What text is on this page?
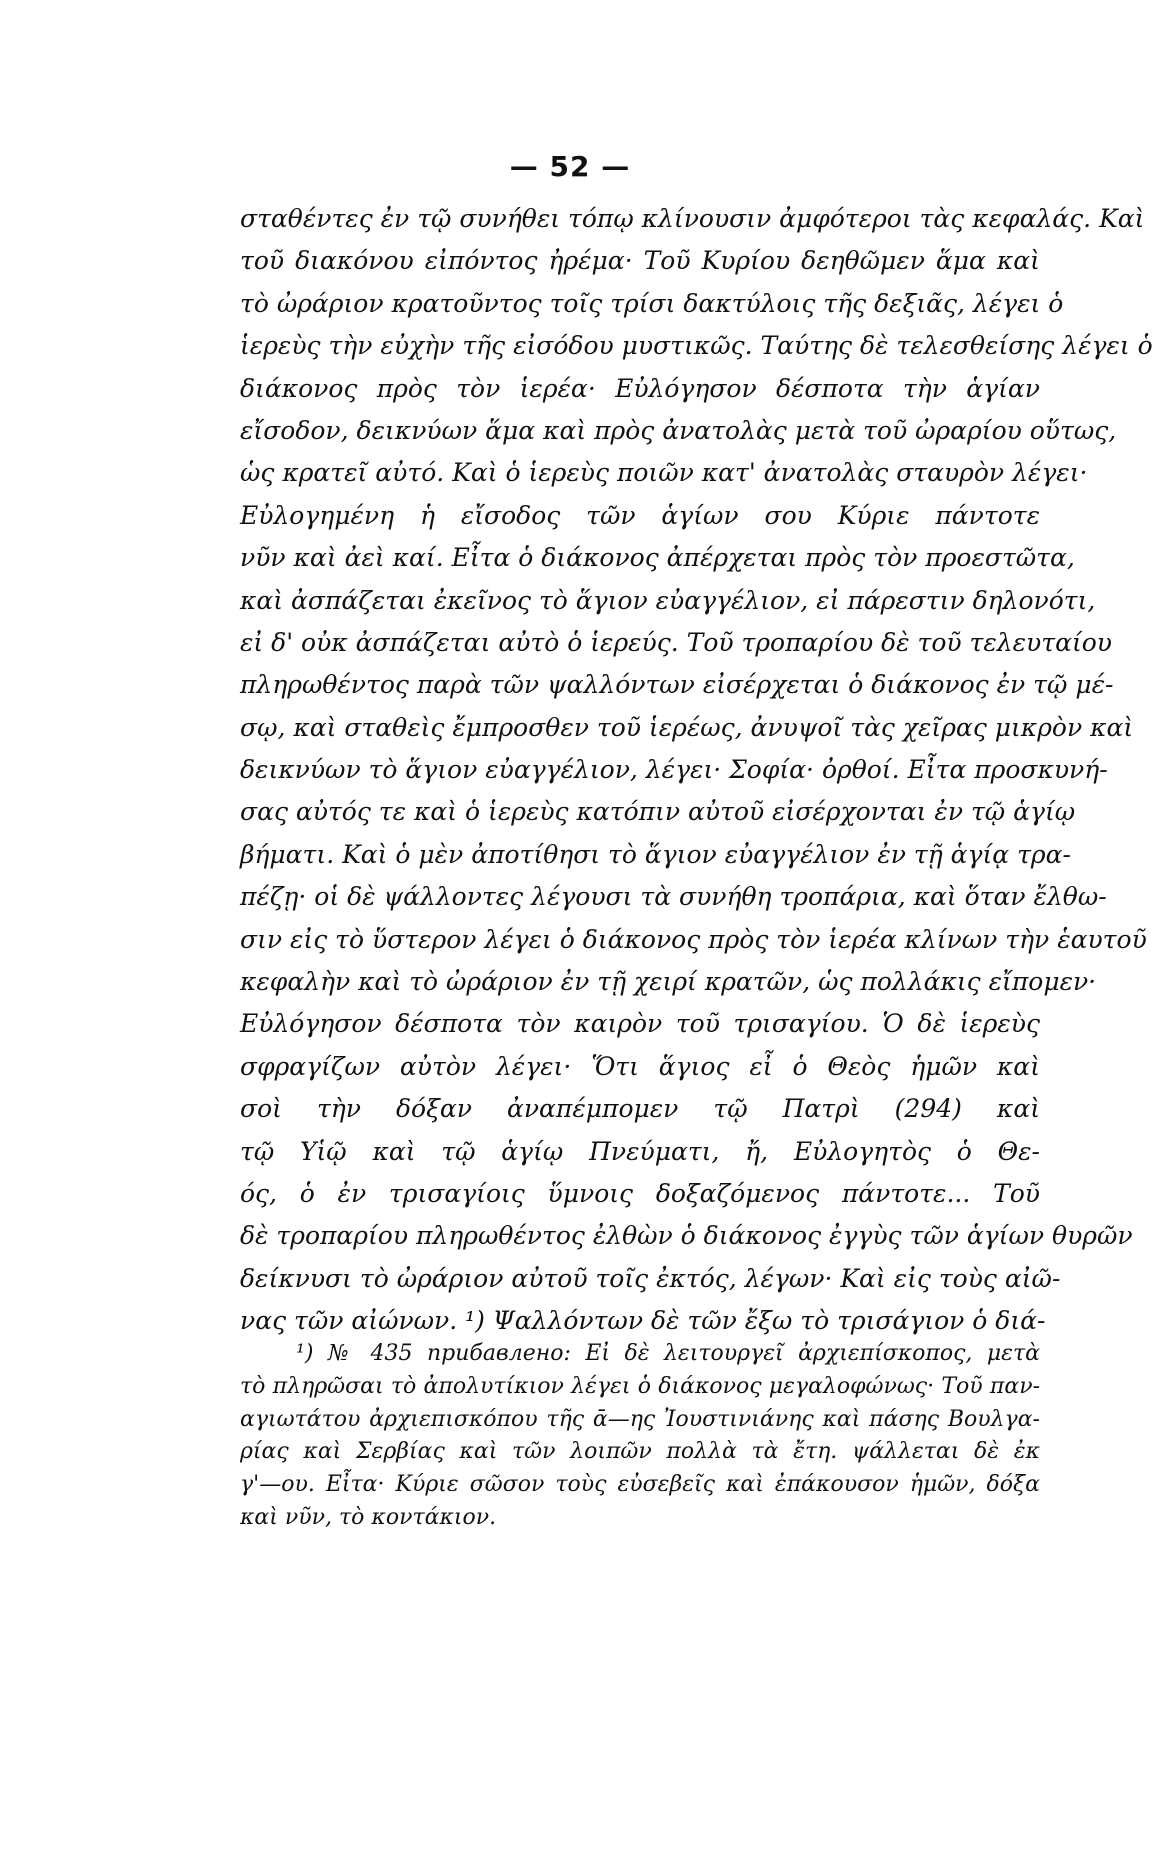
— 52 —
σταθέντες ἐν τῷ συνήθει τόπῳ κλίνουσιν ἀμφότεροι τὰς κεφαλάς. Καὶ
τοῦ διακόνου εἰπόντος ἠρέμα· Τοῦ Κυρίου δεηθῶμεν ἅμα καὶ
τὸ ὠράριον κρατοῦντος τοῖς τρίσι δακτύλοις τῆς δεξιᾶς, λέγει ὁ
ἱερεὺς τὴν εὐχὴν τῆς εἰσόδου μυστικῶς. Ταύτης δὲ τελεσθείσης λέγει ὁ
διάκονος πρὸς τὸν ἱερέα· Εὐλόγησον δέσποτα τὴν ἁγίαν
εἴσοδον, δεικνύων ἅμα καὶ πρὸς ἀνατολὰς μετὰ τοῦ ὠραρίου οὕτως,
ὡς κρατεῖ αὐτό. Καὶ ὁ ἱερεὺς ποιῶν κατ' ἀνατολὰς σταυρὸν λέγει·
Εὐλογημένη ἡ εἴσοδος τῶν ἁγίων σου Κύριε πάντοτε
νῦν καὶ ἀεὶ καί. Εἶτα ὁ διάκονος ἀπέρχεται πρὸς τὸν προεστῶτα,
καὶ ἀσπάζεται ἐκεῖνος τὸ ἅγιον εὐαγγέλιον, εἰ πάρεστιν δηλονότι,
εἰ δ' οὐκ ἀσπάζεται αὐτὸ ὁ ἱερεύς. Τοῦ τροπαρίου δὲ τοῦ τελευταίου
πληρωθέντος παρὰ τῶν ψαλλόντων εἰσέρχεται ὁ διάκονος ἐν τῷ μέ-
σῳ, καὶ σταθεὶς ἔμπροσθεν τοῦ ἱερέως, ἀνυψοῖ τὰς χεῖρας μικρὸν καὶ
δεικνύων τὸ ἅγιον εὐαγγέλιον, λέγει· Σοφία· ὀρθοί. Εἶτα προσκυνή-
σας αὐτός τε καὶ ὁ ἱερεὺς κατόπιν αὐτοῦ εἰσέρχονται ἐν τῷ ἁγίῳ
βήματι. Καὶ ὁ μὲν ἀποτίθησι τὸ ἅγιον εὐαγγέλιον ἐν τῇ ἁγίᾳ τρα-
πέζῃ· οἱ δὲ ψάλλοντες λέγουσι τὰ συνήθη τροπάρια, καὶ ὅταν ἔλθω-
σιν εἰς τὸ ὕστερον λέγει ὁ διάκονος πρὸς τὸν ἱερέα κλίνων τὴν ἑαυτοῦ
κεφαλὴν καὶ τὸ ὠράριον ἐν τῇ χειρί κρατῶν, ὡς πολλάκις εἴπομεν·
Εὐλόγησον δέσποτα τὸν καιρὸν τοῦ τρισαγίου. Ὁ δὲ ἱερεὺς
σφραγίζων αὐτὸν λέγει· Ὅτι ἅγιος εἶ ὁ Θεὸς ἡμῶν καὶ
σοὶ τὴν δόξαν ἀναπέμπομεν τῷ Πατρὶ (294) καὶ
τῷ Υἱῷ καὶ τῷ ἁγίῳ Πνεύματι, ἤ, Εὐλογητὸς ὁ Θε-
ός, ὁ ἐν τρισαγίοις ὕμνοις δοξαζόμενος πάντοτε... Τοῦ
δὲ τροπαρίου πληρωθέντος ἐλθὼν ὁ διάκονος ἐγγὺς τῶν ἁγίων θυρῶν
δείκνυσι τὸ ὠράριον αὐτοῦ τοῖς ἐκτός, λέγων· Καὶ εἰς τοὺς αἰῶ-
νας τῶν αἰώνων. ¹) Ψαλλόντων δὲ τῶν ἔξω τὸ τρισάγιον ὁ διά-
¹) № 435 прибавлено: Εἰ δὲ λειτουργεῖ ἀρχιεπίσκοπος, μετὰ
τὸ πληρῶσαι τὸ ἀπολυτίκιον λέγει ὁ διάκονος μεγαλοφώνως· Τοῦ παν-
αγιωτάτου ἀρχιεπισκόπου τῆς ᾱ—ης Ἰουστινιάνης καὶ πάσης Βουλγα-
ρίας καὶ Σερβίας καὶ τῶν λοιπῶν πολλὰ τὰ ἔτη. ψάλλεται δὲ ἐκ
γ'—ου. Εἶτα· Κύριε σῶσον τοὺς εὐσεβεῖς καὶ ἐπάκουσον ἡμῶν, δόξα
καὶ νῦν, τὸ κοντάκιον.
